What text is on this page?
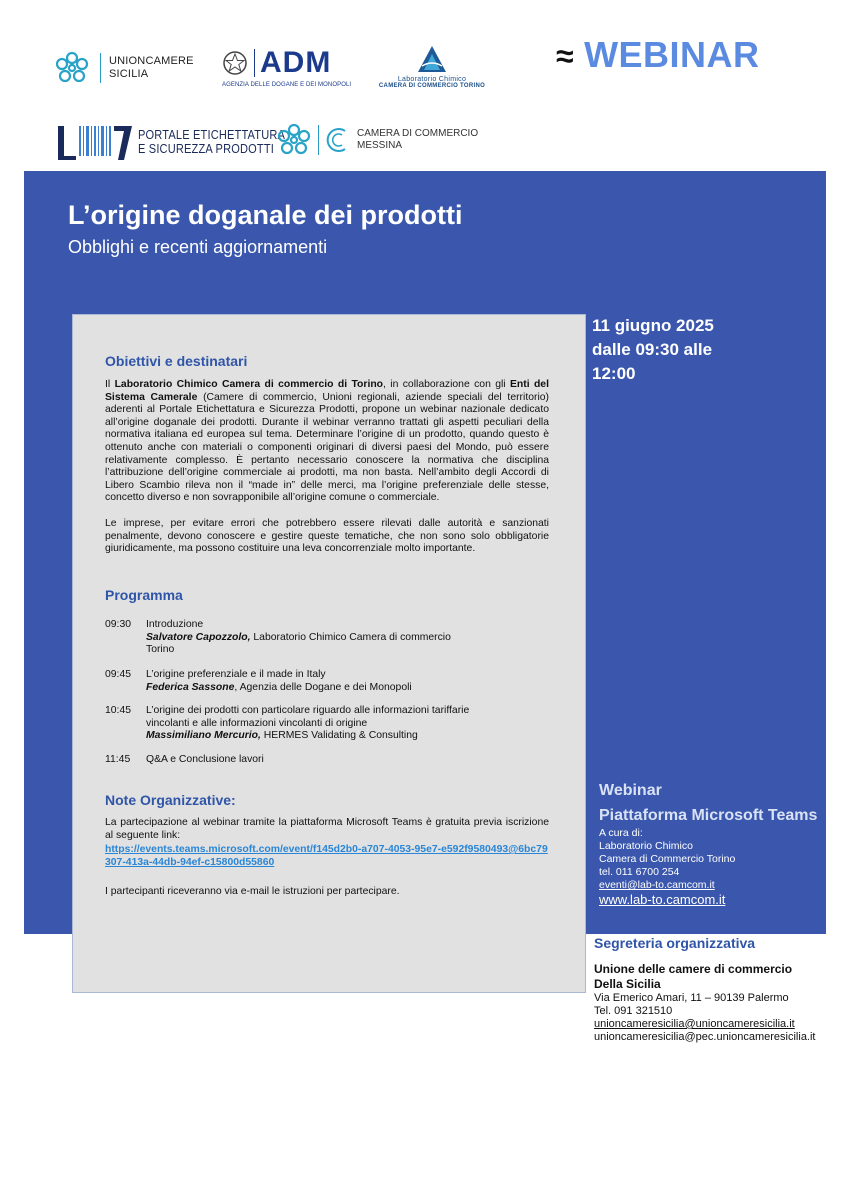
UNIONCAMERE
SICILIA	ADM
AGENZIA DELLE DOGANE E DEI MONOPOLI
Laboratorio Chimico
CAMERA DI COMMERCIO TORINO
≈ WEBINAR
PORTALE ETICHETTATURA
E SICUREZZA PRODOTTI
CAMERA DI COMMERCIO
MESSINA
L’origine doganale dei prodotti
Obblighi e recenti aggiornamenti
11 giugno 2025
dalle 09:30 alle
12:00
Obiettivi e destinatari

Il Laboratorio Chimico Camera di commercio di Torino, in collaborazione con gli Enti del Sistema Camerale (Camere di commercio, Unioni regionali, aziende speciali del territorio) aderenti al Portale Etichettatura e Sicurezza Prodotti, propone un webinar nazionale dedicato all’origine doganale dei prodotti. Durante il webinar verranno trattati gli aspetti peculiari della normativa italiana ed europea sul tema. Determinare l’origine di un prodotto, quando questo è ottenuto anche con materiali o componenti originari di diversi paesi del Mondo, può essere relativamente complesso. È pertanto necessario conoscere la normativa che disciplina l’attribuzione dell’origine commerciale ai prodotti, ma non basta. Nell’ambito degli Accordi di Libero Scambio rileva non il “made in” delle merci, ma l’origine preferenziale delle stesse, concetto diverso e non sovrapponibile all’origine comune o commerciale.

Le imprese, per evitare errori che potrebbero essere rilevati dalle autorità e sanzionati penalmente, devono conoscere e gestire queste tematiche, che non sono solo obbligatorie giuridicamente, ma possono costituire una leva concorrenziale molto importante.

Programma
09:30	Introduzione
Salvatore Capozzolo, Laboratorio Chimico Camera di commercio
Torino
09:45	L’origine preferenziale e il made in Italy
Federica Sassone, Agenzia delle Dogane e dei Monopoli
10:45	L’origine dei prodotti con particolare riguardo alle informazioni tariffarie
vincolanti e alle informazioni vincolanti di origine
Massimiliano Mercurio, HERMES Validating & Consulting
11:45	Q&A e Conclusione lavori
Note Organizzative:

La partecipazione al webinar tramite la piattaforma Microsoft Teams è gratuita previa iscrizione al seguente link:

https://events.teams.microsoft.com/event/f145d2b0-a707-4053-95e7-e592f9580493@6bc79307-413a-44db-94ef-c15800d55860

I partecipanti riceveranno via e-mail le istruzioni per partecipare.

Webinar
Piattaforma Microsoft Teams
A cura di:
Laboratorio Chimico
Camera di Commercio Torino
tel. 011 6700 254
eventi@lab-to.camcom.it
www.lab-to.camcom.it
Segreteria organizzativa
Unione delle camere di commercio
Della Sicilia
Via Emerico Amari, 11 – 90139 Palermo
Tel. 091 321510
unioncameresicilia@unioncameresicilia.it
unioncameresicilia@pec.unioncameresicilia.it
